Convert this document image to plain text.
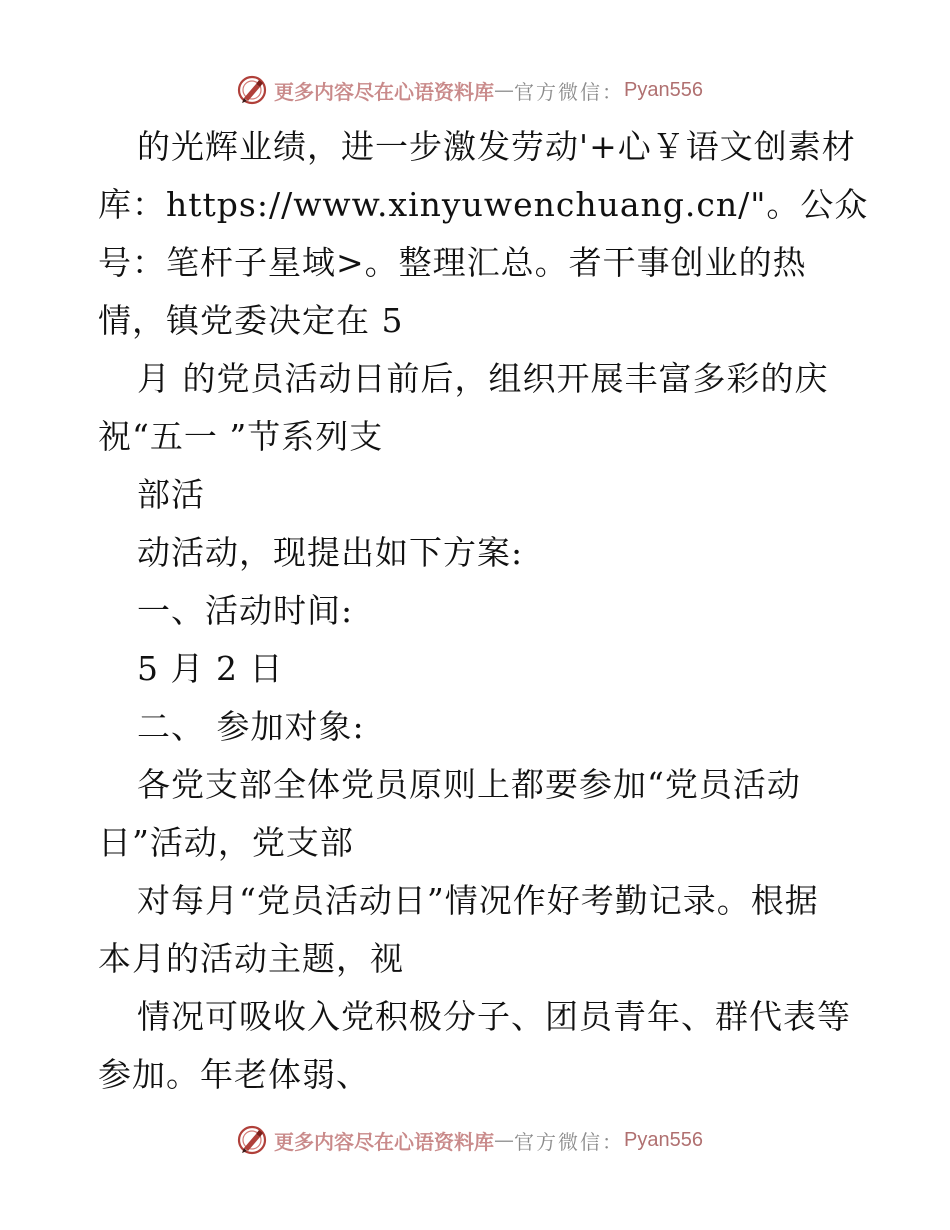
更多内容尽在心语资料库 — 官方微信： Pyan556
的光辉业绩，进一步激发劳动'+心￥语文创素材
库：https://www.xinyuwenchuang.cn/"。公众
号：笔杆子星域>。整理汇总。者干事创业的热
情，镇党委决定在 5
月 的党员活动日前后，组织开展丰富多彩的庆
祝“五一 ”节系列支
部活
动活动，现提出如下方案:
一、活动时间:
5 月 2 日
二、 参加对象:
各党支部全体党员原则上都要参加“党员活动
日”活动，党支部
对每月“党员活动日”情况作好考勤记录。根据
本月的活动主题，视
情况可吸收入党积极分子、团员青年、群代表等
参加。年老体弱、
更多内容尽在心语资料库 — 官方微信： Pyan556
